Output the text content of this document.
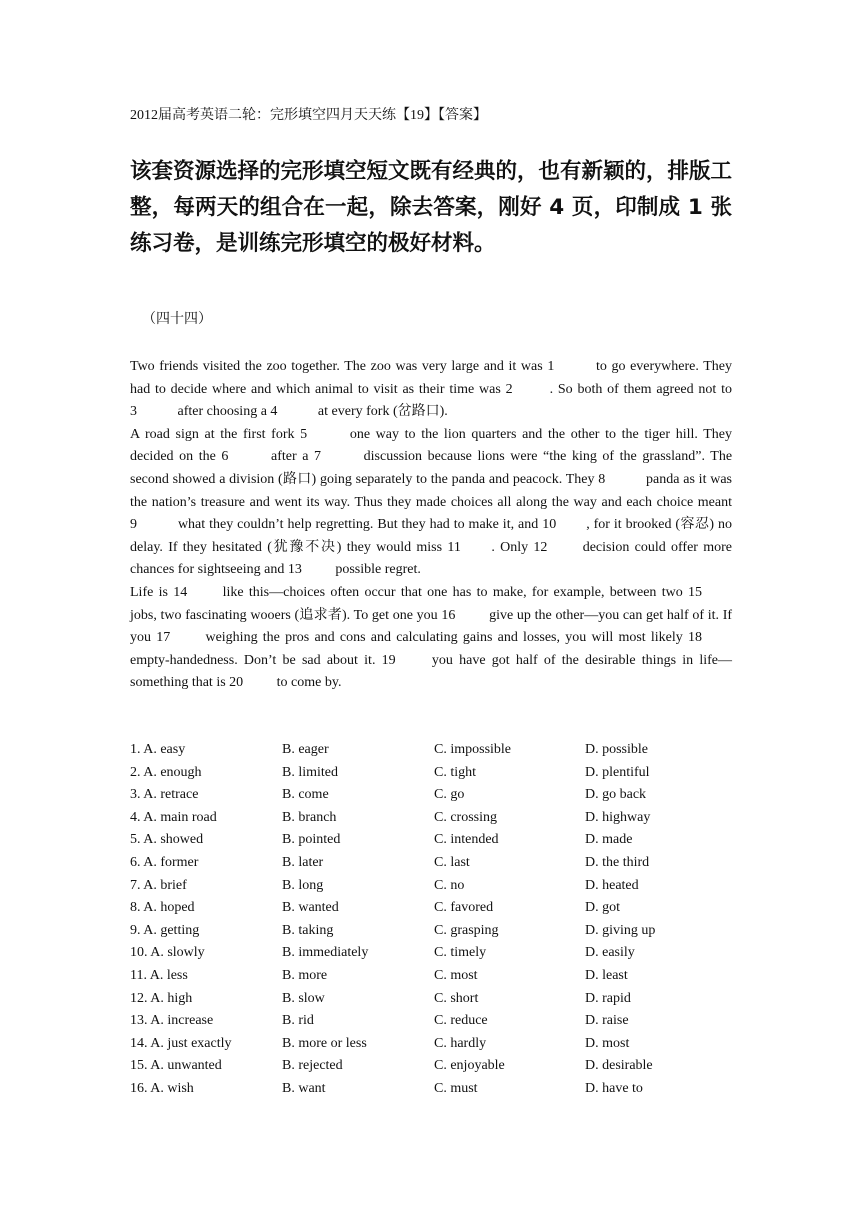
2012届高考英语二轮：完形填空四月天天练【19】【答案】
该套资源选择的完形填空短文既有经典的，也有新颖的，排版工整，每两天的组合在一起，除去答案，刚好 4 页，印制成 1 张练习卷，是训练完形填空的极好材料。
（四十四）
Two friends visited the zoo together. The zoo was very large and it was 1	to go everywhere. They had to decide where and which animal to visit as their time was 2	. So both of them agreed not to 3	after choosing a 4	at every fork (岔路口).
A road sign at the first fork 5	one way to the lion quarters and the other to the tiger hill. They decided on the 6	after a 7	discussion because lions were “the king of the grassland”. The second showed a division (路口) going separately to the panda and peacock. They 8	panda as it was the nation’s treasure and went its way. Thus they made choices all along the way and each choice meant 9	what they couldn’t help regretting. But they had to make it, and 10 , for it brooked (容忍) no delay. If they hesitated (犹豫不决) they would miss 11 . Only 12	decision could offer more chances for sightseeing and 13 possible regret.
Life is 14	like this—choices often occur that one has to make, for example, between two 15 jobs, two fascinating wooers (追求者). To get one you 16 give up the other—you can get half of it. If you 17	weighing the pros and cons and calculating gains and losses, you will most likely 18 empty-handedness. Don’t be sad about it. 19	you have got half of the desirable things in life—something that is 20 to come by.
1. A. easy	B. eager	C. impossible	D. possible
2. A. enough	B. limited	C. tight	D. plentiful
3. A. retrace	B. come	C. go	D. go back
4. A. main road	B. branch	C. crossing	D. highway
5. A. showed	B. pointed	C. intended	D. made
6. A. former	B. later	C. last	D. the third
7. A. brief	B. long	C. no	D. heated
8. A. hoped	B. wanted	C. favored	D. got
9. A. getting	B. taking	C. grasping	D. giving up
10. A. slowly	B. immediately	C. timely	D. easily
11. A. less	B. more	C. most	D. least
12. A. high	B. slow	C. short	D. rapid
13. A. increase	B. rid	C. reduce	D. raise
14. A. just exactly	B. more or less	C. hardly	D. most
15. A. unwanted	B. rejected	C. enjoyable	D. desirable
16. A. wish	B. want	C. must	D. have to
